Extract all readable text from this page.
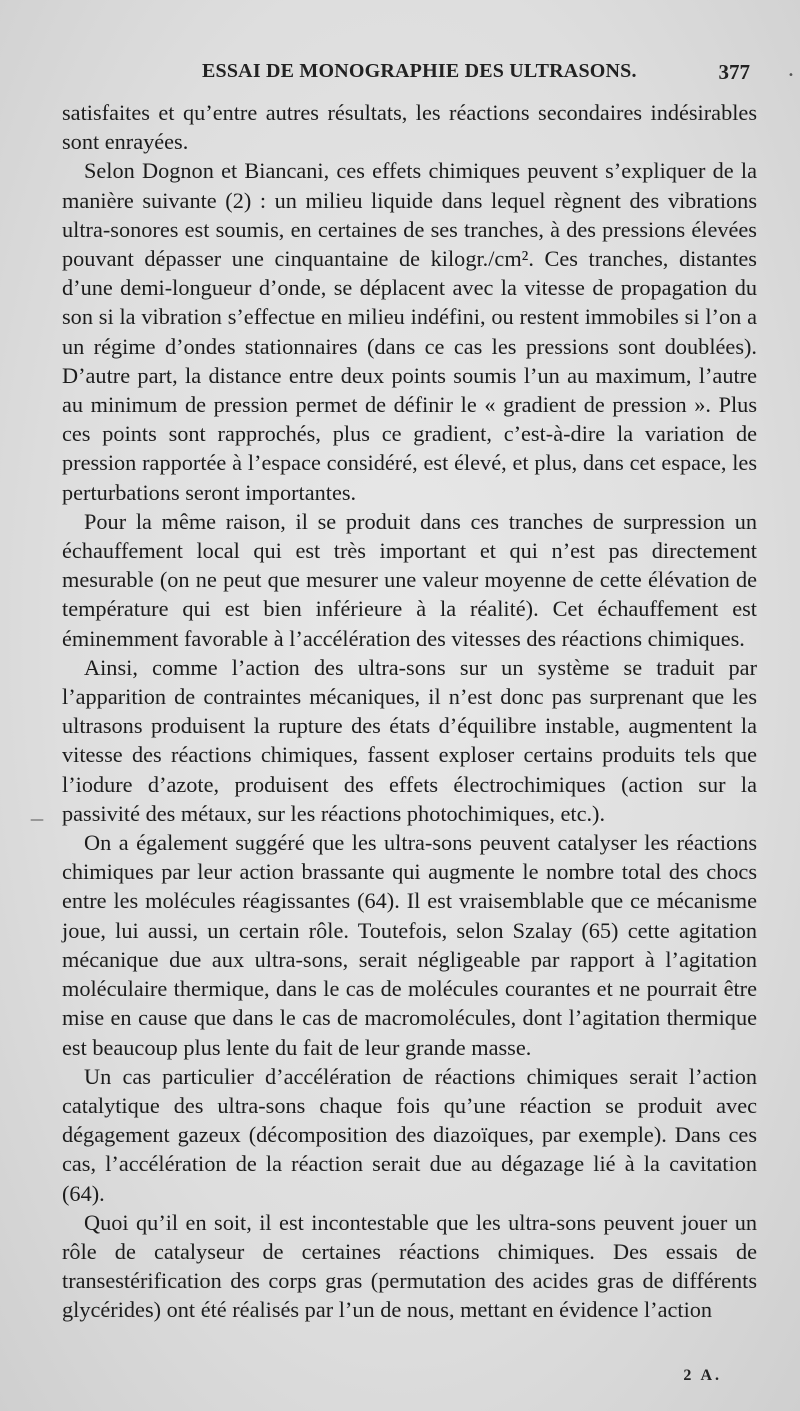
ESSAI DE MONOGRAPHIE DES ULTRASONS.	377

satisfaites et qu’entre autres résultats, les réactions secondaires indésirables sont enrayées.

Selon Dognon et Biancani, ces effets chimiques peuvent s’expliquer de la manière suivante (2) : un milieu liquide dans lequel règnent des vibrations ultra-sonores est soumis, en certaines de ses tranches, à des pressions élevées pouvant dépasser une cinquantaine de kilogr./cm². Ces tranches, distantes d’une demi-longueur d’onde, se déplacent avec la vitesse de propagation du son si la vibration s’effectue en milieu indéfini, ou restent immobiles si l’on a un régime d’ondes stationnaires (dans ce cas les pressions sont doublées). D’autre part, la distance entre deux points soumis l’un au maximum, l’autre au minimum de pression permet de définir le « gradient de pression ». Plus ces points sont rapprochés, plus ce gradient, c’est-à-dire la variation de pression rapportée à l’espace considéré, est élevé, et plus, dans cet espace, les perturbations seront importantes.

Pour la même raison, il se produit dans ces tranches de surpression un échauffement local qui est très important et qui n’est pas directement mesurable (on ne peut que mesurer une valeur moyenne de cette élévation de température qui est bien inférieure à la réalité). Cet échauffement est éminemment favorable à l’accélération des vitesses des réactions chimiques.

Ainsi, comme l’action des ultra-sons sur un système se traduit par l’apparition de contraintes mécaniques, il n’est donc pas surprenant que les ultrasons produisent la rupture des états d’équilibre instable, augmentent la vitesse des réactions chimiques, fassent exploser certains produits tels que l’iodure d’azote, produisent des effets électrochimiques (action sur la passivité des métaux, sur les réactions photochimiques, etc.).

On a également suggéré que les ultra-sons peuvent catalyser les réactions chimiques par leur action brassante qui augmente le nombre total des chocs entre les molécules réagissantes (64). Il est vraisemblable que ce mécanisme joue, lui aussi, un certain rôle. Toutefois, selon Szalay (65) cette agitation mécanique due aux ultra-sons, serait négligeable par rapport à l’agitation moléculaire thermique, dans le cas de molécules courantes et ne pourrait être mise en cause que dans le cas de macromolécules, dont l’agitation thermique est beaucoup plus lente du fait de leur grande masse.

Un cas particulier d’accélération de réactions chimiques serait l’action catalytique des ultra-sons chaque fois qu’une réaction se produit avec dégagement gazeux (décomposition des diazoïques, par exemple). Dans ces cas, l’accélération de la réaction serait due au dégazage lié à la cavitation (64).

Quoi qu’il en soit, il est incontestable que les ultra-sons peuvent jouer un rôle de catalyseur de certaines réactions chimiques. Des essais de transestérification des corps gras (permutation des acides gras de différents glycérides) ont été réalisés par l’un de nous, mettant en évidence l’action

2 A.
—
•
